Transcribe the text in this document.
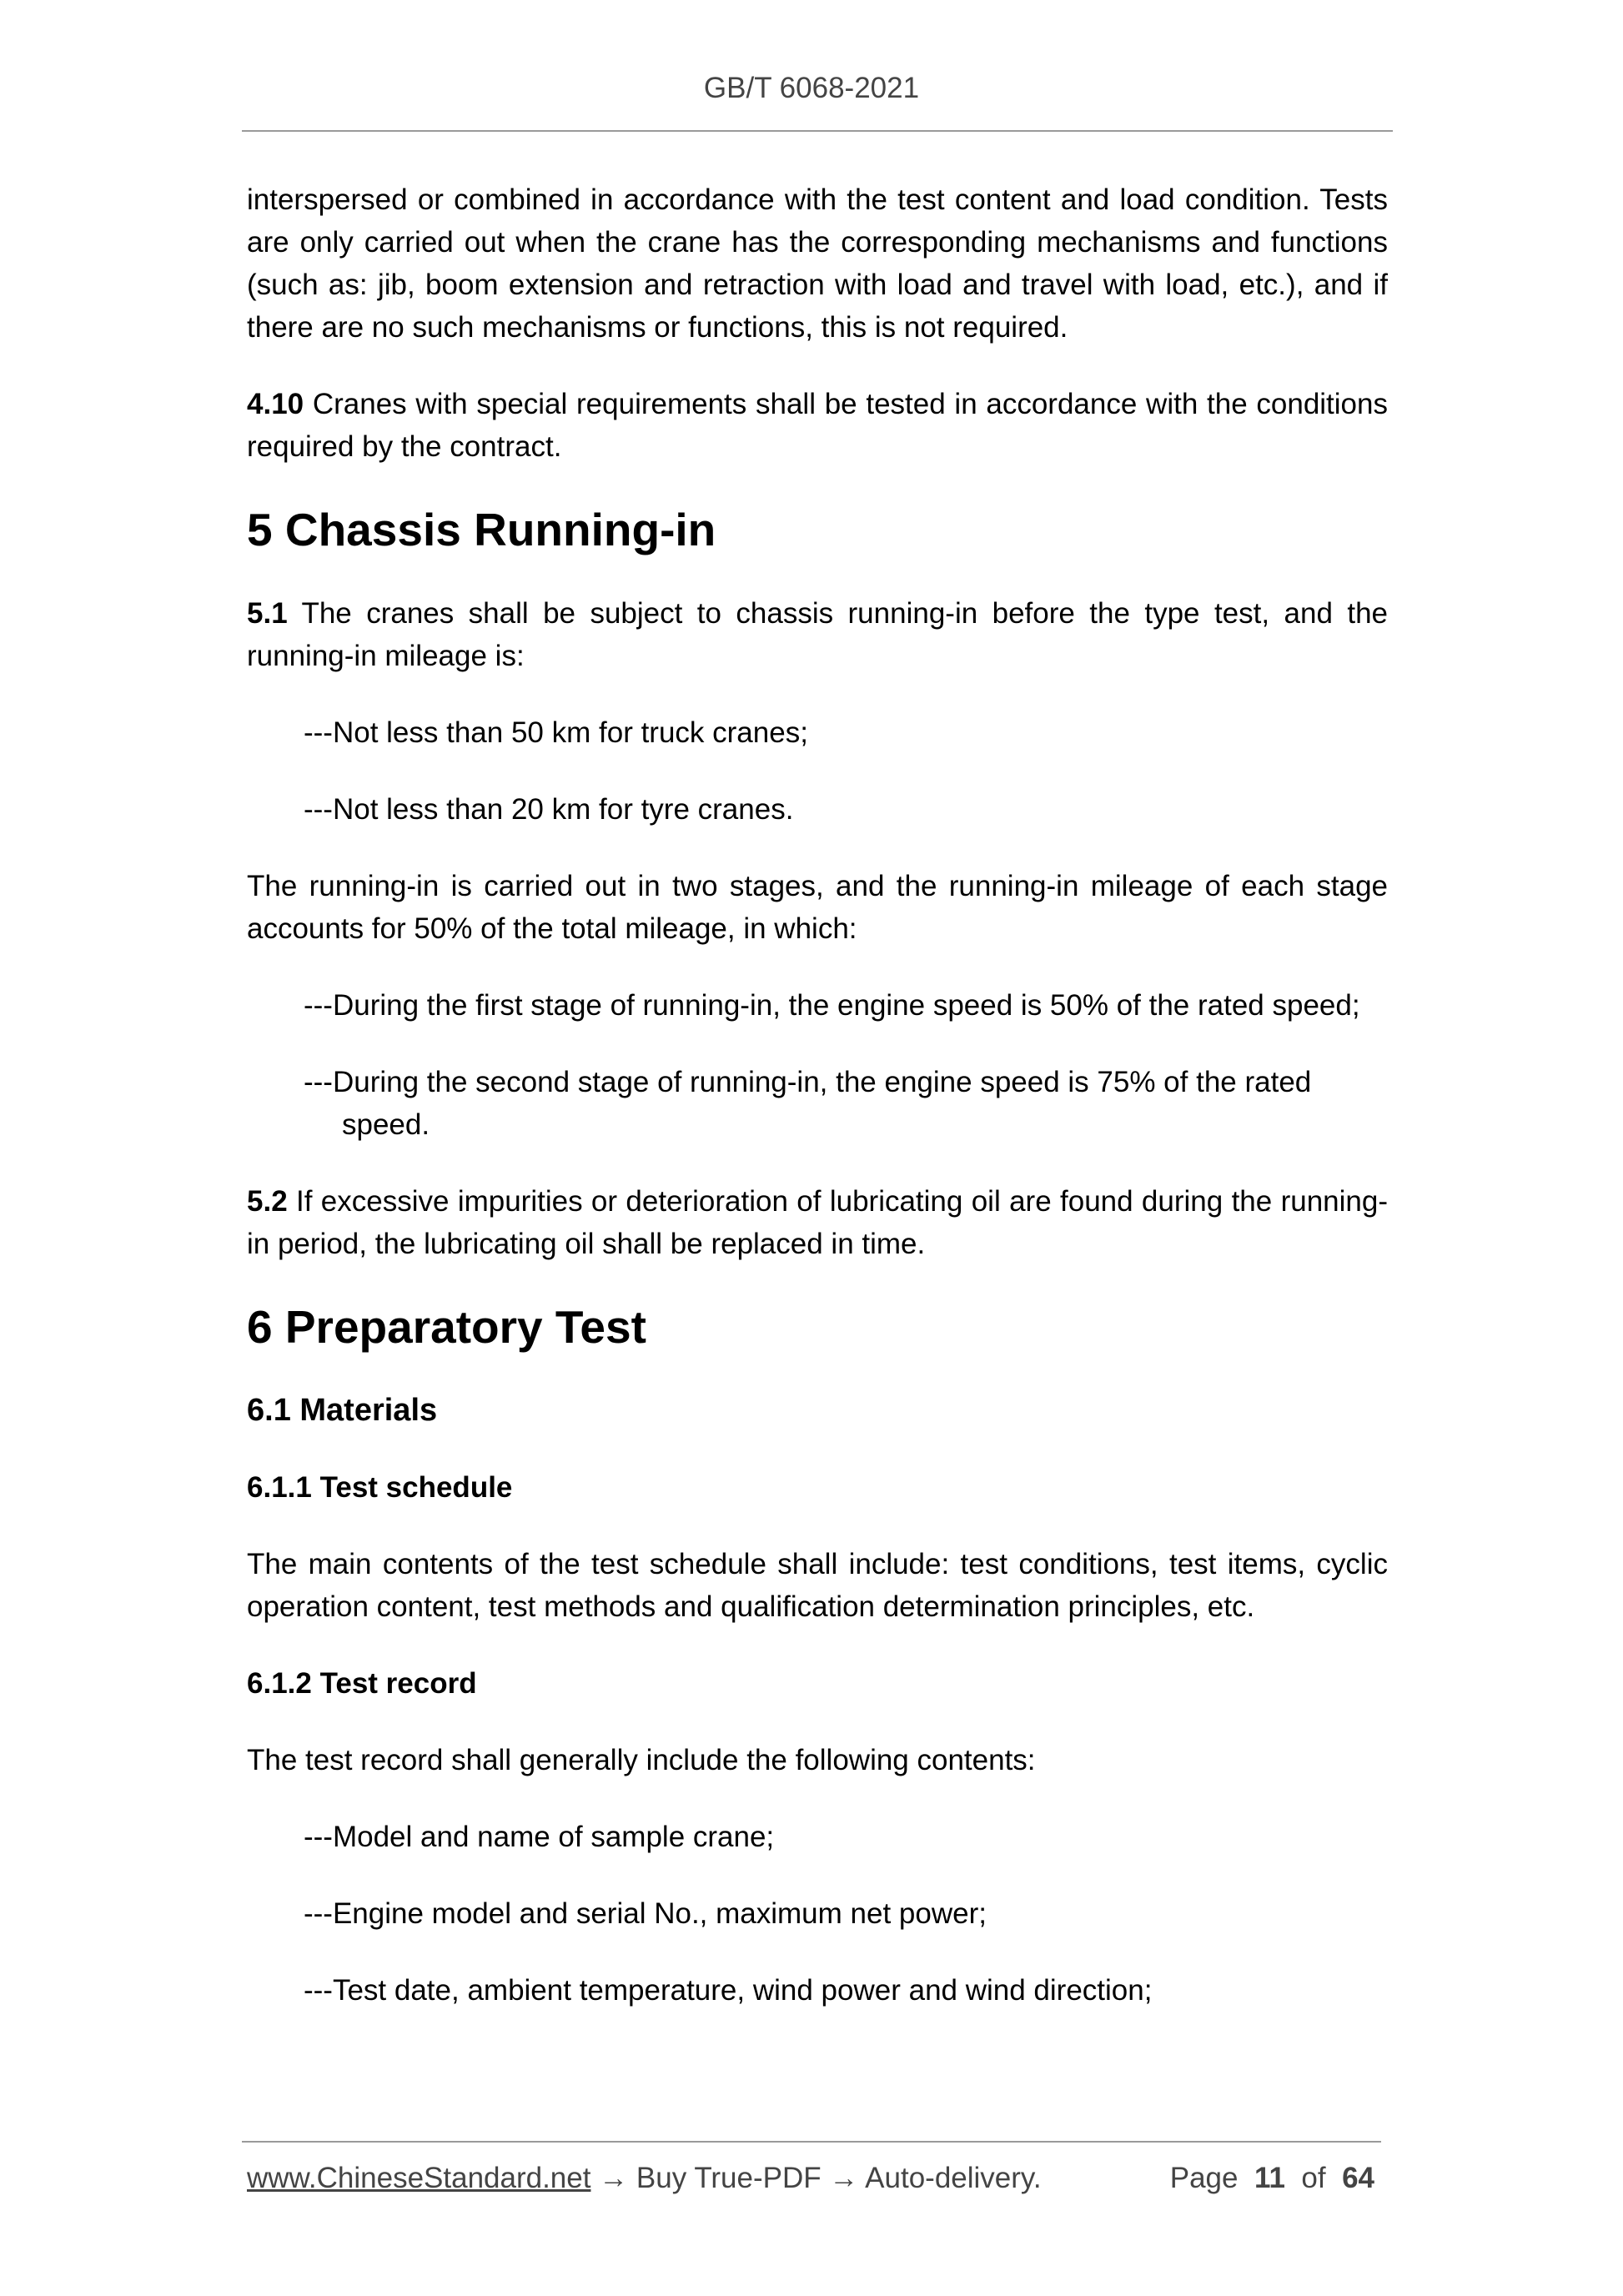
GB/T 6068-2021

interspersed or combined in accordance with the test content and load condition. Tests are only carried out when the crane has the corresponding mechanisms and functions (such as: jib, boom extension and retraction with load and travel with load, etc.), and if there are no such mechanisms or functions, this is not required.

4.10 Cranes with special requirements shall be tested in accordance with the conditions required by the contract.

5 Chassis Running-in

5.1 The cranes shall be subject to chassis running-in before the type test, and the running-in mileage is:

---Not less than 50 km for truck cranes;

---Not less than 20 km for tyre cranes.

The running-in is carried out in two stages, and the running-in mileage of each stage accounts for 50% of the total mileage, in which:

---During the first stage of running-in, the engine speed is 50% of the rated speed;

---During the second stage of running-in, the engine speed is 75% of the rated
speed.

5.2 If excessive impurities or deterioration of lubricating oil are found during the running-in period, the lubricating oil shall be replaced in time.

6 Preparatory Test
6.1 Materials
6.1.1 Test schedule

The main contents of the test schedule shall include: test conditions, test items, cyclic operation content, test methods and qualification determination principles, etc.

6.1.2 Test record

The test record shall generally include the following contents:

---Model and name of sample crane;

---Engine model and serial No., maximum net power;

---Test date, ambient temperature, wind power and wind direction;

www.ChineseStandard.net → Buy True-PDF → Auto-delivery.	Page 11 of 64
